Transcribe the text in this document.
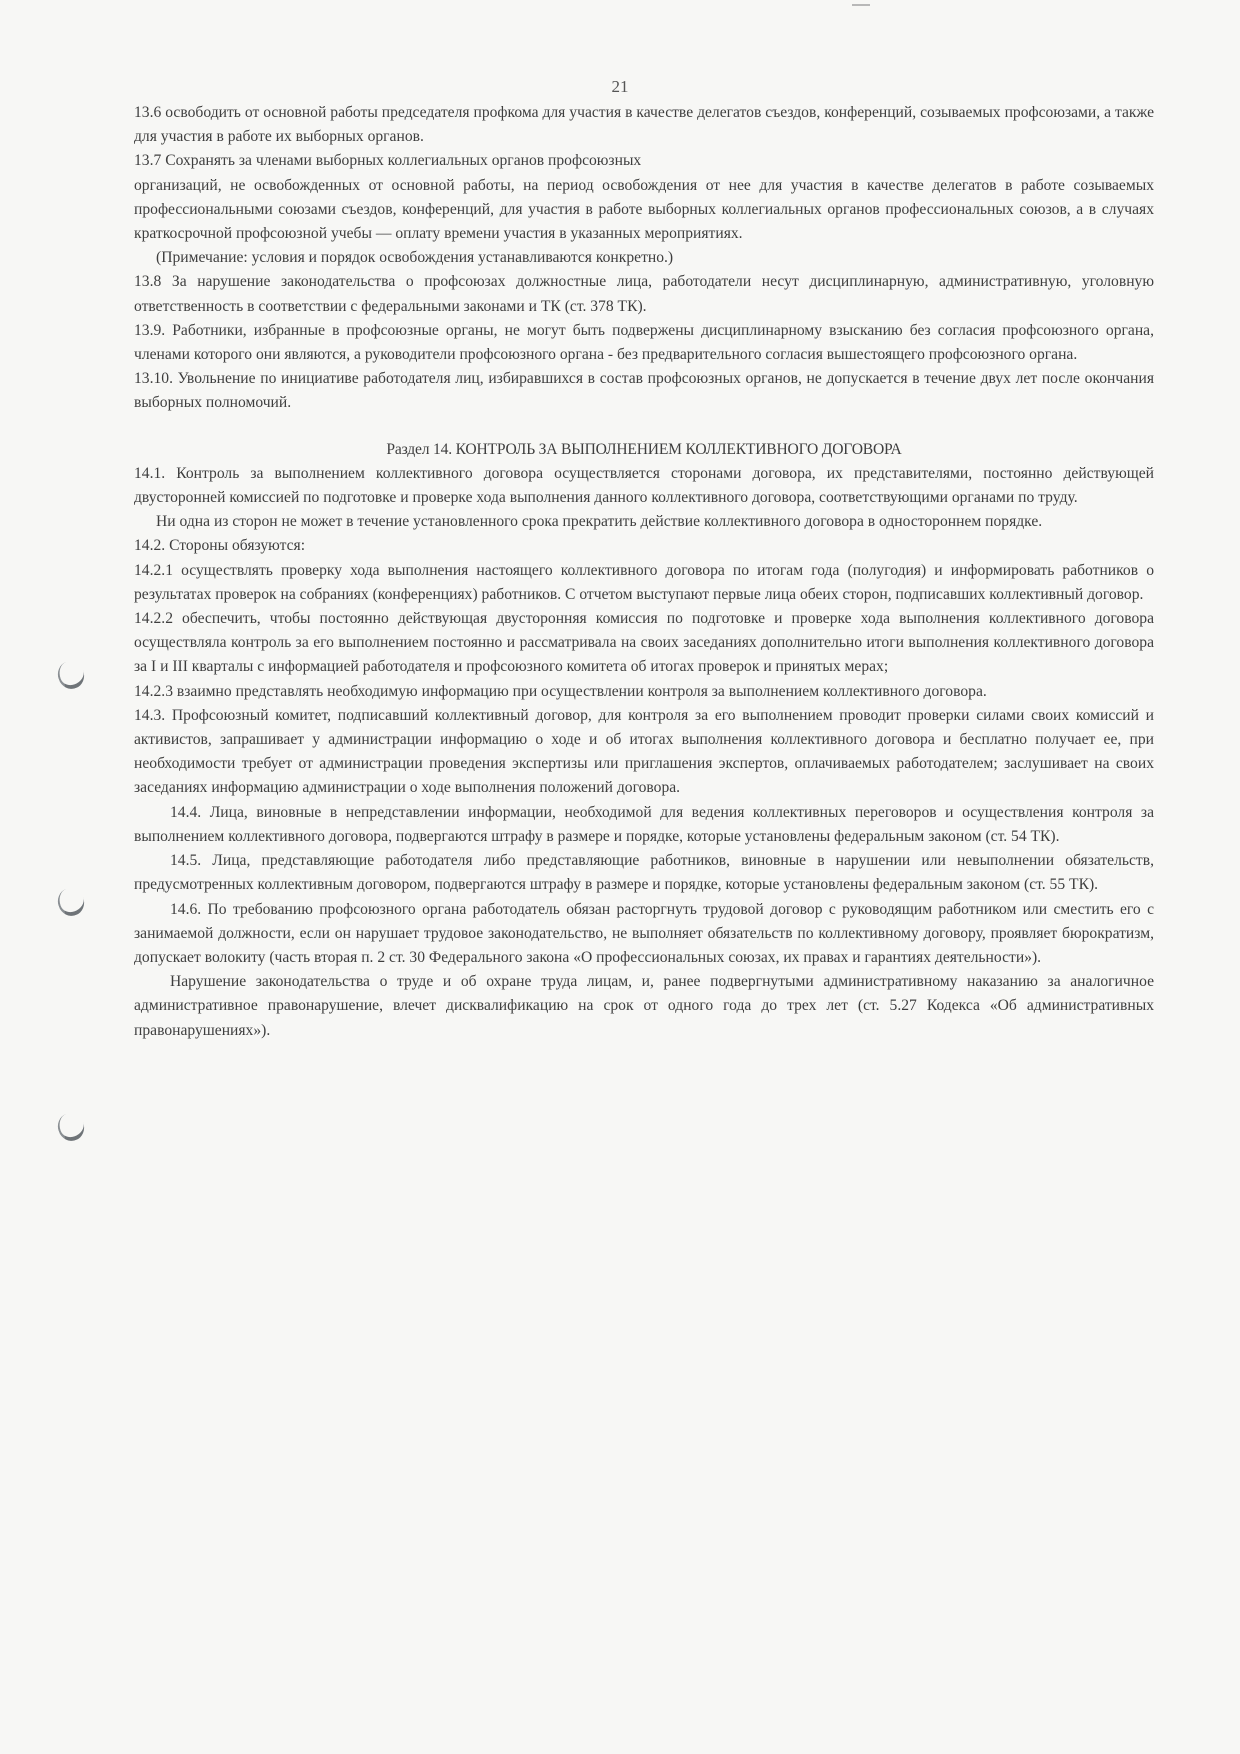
21

13.6 освободить от основной работы председателя профкома для участия в качестве делегатов съездов, конференций, созываемых профсоюзами, а также для участия в работе их выборных органов.

13.7 Сохранять за членами выборных коллегиальных органов профсоюзных

организаций, не освобожденных от основной работы, на период освобождения от нее для участия в качестве делегатов в работе созываемых профессиональными союзами съездов, конференций, для участия в работе выборных коллегиальных органов профессиональных союзов, а в случаях краткосрочной профсоюзной учебы — оплату времени участия в указанных мероприятиях.

(Примечание: условия и порядок освобождения устанавливаются конкретно.)

13.8 За нарушение законодательства о профсоюзах должностные лица, работодатели несут дисциплинарную, административную, уголовную ответственность в соответствии с федеральными законами и ТК (ст. 378 ТК).

13.9. Работники, избранные в профсоюзные органы, не могут быть подвержены дисциплинарному взысканию без согласия профсоюзного органа, членами которого они являются, а руководители профсоюзного органа - без предварительного согласия вышестоящего профсоюзного органа.

13.10. Увольнение по инициативе работодателя лиц, избиравшихся в состав профсоюзных органов, не допускается в течение двух лет после окончания выборных полномочий.

Раздел 14. КОНТРОЛЬ ЗА ВЫПОЛНЕНИЕМ КОЛЛЕКТИВНОГО ДОГОВОРА

14.1. Контроль за выполнением коллективного договора осуществляется сторонами договора, их представителями, постоянно действующей двусторонней комиссией по подготовке и проверке хода выполнения данного коллективного договора, соответствующими органами по труду.

Ни одна из сторон не может в течение установленного срока прекратить действие коллективного договора в одностороннем порядке.

14.2. Стороны обязуются:

14.2.1 осуществлять проверку хода выполнения настоящего коллективного договора по итогам года (полугодия) и информировать работников о результатах проверок на собраниях (конференциях) работников. С отчетом выступают первые лица обеих сторон, подписавших коллективный договор.

14.2.2 обеспечить, чтобы постоянно действующая двусторонняя комиссия по подготовке и проверке хода выполнения коллективного договора осуществляла контроль за его выполнением постоянно и рассматривала на своих заседаниях дополнительно итоги выполнения коллективного договора за I и III кварталы с информацией работодателя и профсоюзного комитета об итогах проверок и принятых мерах;

14.2.3 взаимно представлять необходимую информацию при осуществлении контроля за выполнением коллективного договора.

14.3. Профсоюзный комитет, подписавший коллективный договор, для контроля за его выполнением проводит проверки силами своих комиссий и активистов, запрашивает у администрации информацию о ходе и об итогах выполнения коллективного договора и бесплатно получает ее, при необходимости требует от администрации проведения экспертизы или приглашения экспертов, оплачиваемых работодателем; заслушивает на своих заседаниях информацию администрации о ходе выполнения положений договора.

14.4. Лица, виновные в непредставлении информации, необходимой для ведения коллективных переговоров и осуществления контроля за выполнением коллективного договора, подвергаются штрафу в размере и порядке, которые установлены федеральным законом (ст. 54 ТК).

14.5. Лица, представляющие работодателя либо представляющие работников, виновные в нарушении или невыполнении обязательств, предусмотренных коллективным договором, подвергаются штрафу в размере и порядке, которые установлены федеральным законом (ст. 55 ТК).

14.6. По требованию профсоюзного органа работодатель обязан расторгнуть трудовой договор с руководящим работником или сместить его с занимаемой должности, если он нарушает трудовое законодательство, не выполняет обязательств по коллективному договору, проявляет бюрократизм, допускает волокиту (часть вторая п. 2 ст. 30 Федерального закона «О профессиональных союзах, их правах и гарантиях деятельности»).

Нарушение законодательства о труде и об охране труда лицам, и, ранее подвергнутыми административному наказанию за аналогичное административное правонарушение, влечет дисквалификацию на срок от одного года до трех лет (ст. 5.27 Кодекса «Об административных правонарушениях»).
